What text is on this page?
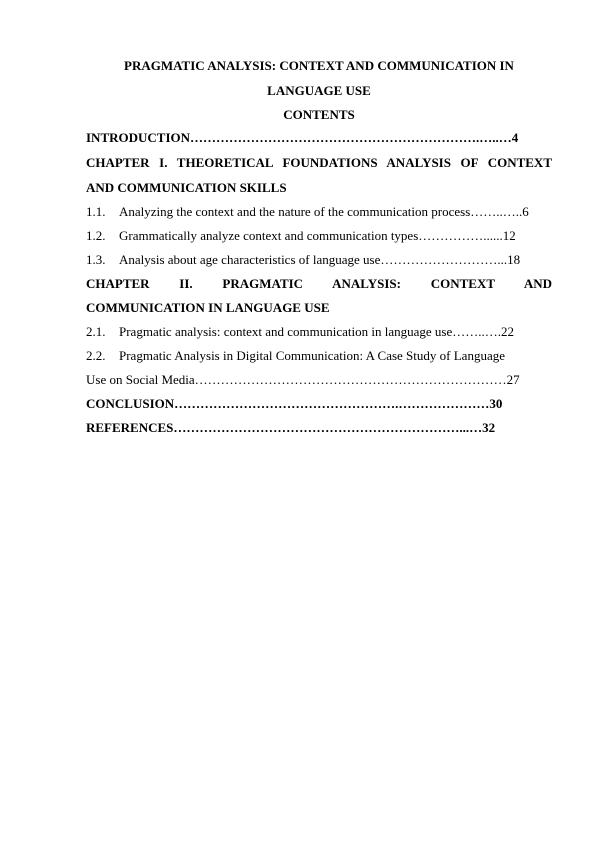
PRAGMATIC ANALYSIS: CONTEXT AND COMMUNICATION IN
LANGUAGE USE
CONTENTS
INTRODUCTION………………………………………………………….…..…4
CHAPTER I. THEORETICAL FOUNDATIONS ANALYSIS OF CONTEXT
AND COMMUNICATION SKILLS
1.1. Analyzing the context and the nature of the communication process……..…..6
1.2. Grammatically analyze context and communication types……………......12
1.3. Analysis about age characteristics of language use………………………...18
CHAPTER II. PRAGMATIC ANALYSIS: CONTEXT AND
COMMUNICATION IN LANGUAGE USE
2.1. Pragmatic analysis: context and communication in language use……..….22
2.2. Pragmatic Analysis in Digital Communication: A Case Study of Language
Use on Social Media………………………………………………………………27
CONCLUSION…………………………………………….…………………30
REFERENCES…………………………………………………………...…32
